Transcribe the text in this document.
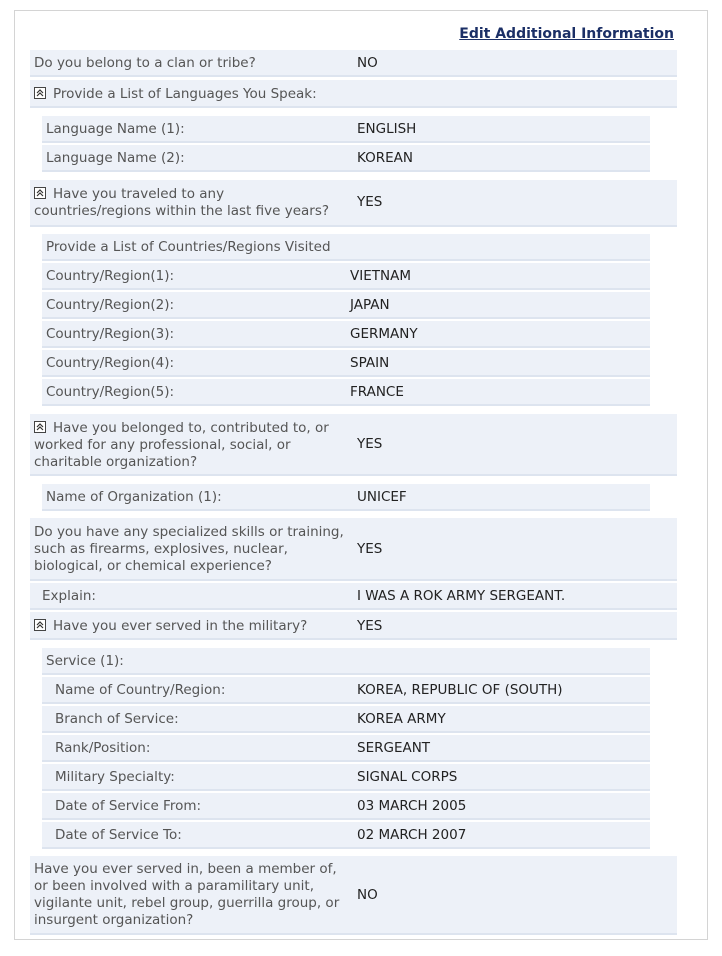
Edit Additional Information
Do you belong to a clan or tribe?	NO
Provide a List of Languages You Speak:
Language Name (1):	ENGLISH
Language Name (2):	KOREAN
Have you traveled to any
countries/regions within the last five years?
YES
Provide a List of Countries/Regions Visited
Country/Region(1):	VIETNAM
Country/Region(2):	JAPAN
Country/Region(3):	GERMANY
Country/Region(4):	SPAIN
Country/Region(5):	FRANCE
Have you belonged to, contributed to, or
worked for any professional, social, or
charitable organization?
YES
Name of Organization (1):	UNICEF
Do you have any specialized skills or training,
such as firearms, explosives, nuclear,
biological, or chemical experience?
YES
Explain:	I WAS A ROK ARMY SERGEANT.
Have you ever served in the military?	YES
Service (1):
Name of Country/Region:	KOREA, REPUBLIC OF (SOUTH)
Branch of Service:	KOREA ARMY
Rank/Position:	SERGEANT
Military Specialty:	SIGNAL CORPS
Date of Service From:	03 MARCH 2005
Date of Service To:	02 MARCH 2007
Have you ever served in, been a member of,
or been involved with a paramilitary unit,
vigilante unit, rebel group, guerrilla group, or
insurgent organization?
NO
